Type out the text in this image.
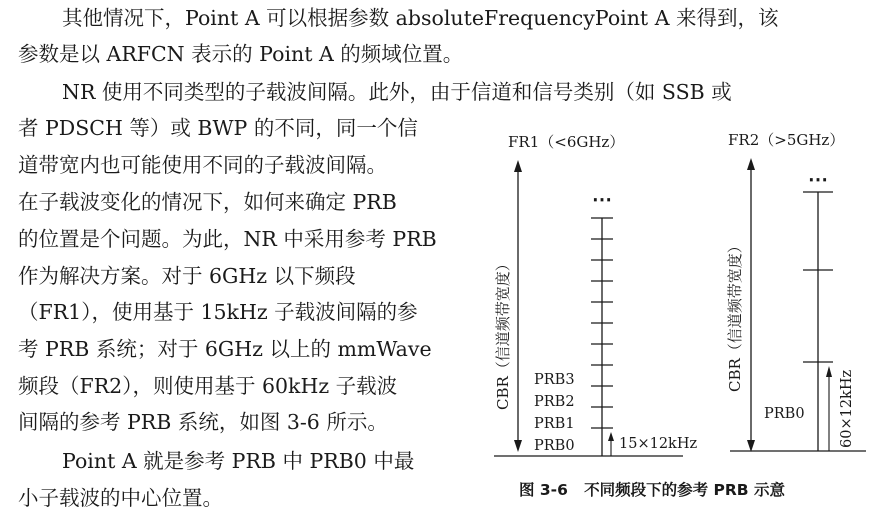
其他情况下，Point A 可以根据参数 absoluteFrequencyPoint A 来得到，该
参数是以 ARFCN 表示的 Point A 的频域位置。
NR 使用不同类型的子载波间隔。此外，由于信道和信号类别（如 SSB 或
者 PDSCH 等）或 BWP 的不同，同一个信
道带宽内也可能使用不同的子载波间隔。
在子载波变化的情况下，如何来确定 PRB
的位置是个问题。为此，NR 中采用参考 PRB
作为解决方案。对于 6GHz 以下频段
（FR1），使用基于 15kHz 子载波间隔的参
考 PRB 系统；对于 6GHz 以上的 mmWave
频段（FR2），则使用基于 60kHz 子载波
间隔的参考 PRB 系统，如图 3-6 所示。
Point A 就是参考 PRB 中 PRB0 中最
小子载波的中心位置。
FR1（<6GHz）
CBR（信道频带宽度）
⋯
PRB3
PRB2
PRB1
PRB0	15×12kHz
FR2（>5GHz）
CBR（信道频带宽度）
⋯
PRB0 60×12kHz
图 3-6   不同频段下的参考 PRB 示意
